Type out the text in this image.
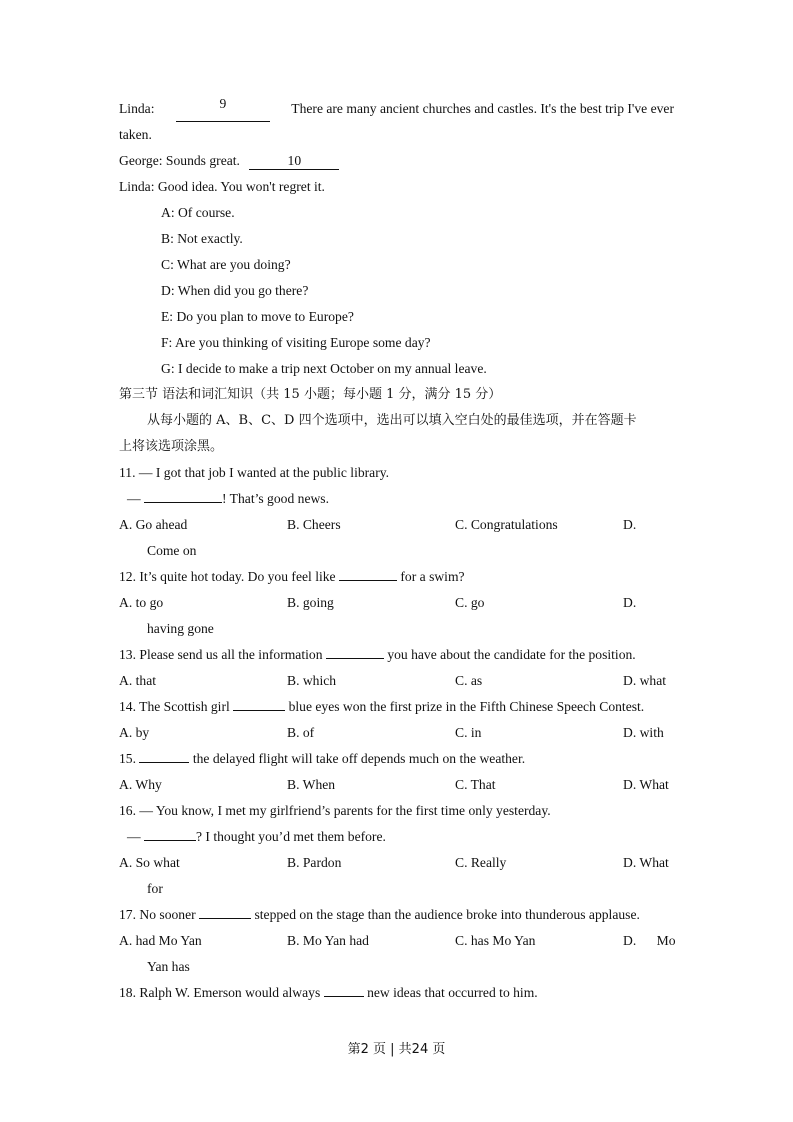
Linda:	9	There are many ancient churches and castles. It's the best trip I've ever
taken.
George: Sounds great.	10
Linda: Good idea. You won't regret it.
A: Of course.
B: Not exactly.
C: What are you doing?
D: When did you go there?
E: Do you plan to move to Europe?
F: Are you thinking of visiting Europe some day?
G: I decide to make a trip next October on my annual leave.
第三节 语法和词汇知识（共 15 小题；每小题 1 分，满分 15 分）
从每小题的 A、B、C、D 四个选项中，选出可以填入空白处的最佳选项，并在答题卡
上将该选项涂黑。
11. — I got that job I wanted at the public library.
—	! That’s good news.
A. Go ahead	B. Cheers	C. Congratulations	D.
Come on
12. It’s quite hot today. Do you feel like	for a swim?
A. to go	B. going	C. go	D.
having gone
13. Please send us all the information	you have about the candidate for the position.
A. that	B. which	C. as	D. what
14. The Scottish girl	blue eyes won the first prize in the Fifth Chinese Speech Contest.
A. by	B. of	C. in	D. with
15.	the delayed flight will take off depends much on the weather.
A. Why	B. When	C. That	D. What
16. — You know, I met my girlfriend’s parents for the first time only yesterday.
—	? I thought you’d met them before.
A. So what	B. Pardon	C. Really	D. What
for
17. No sooner	stepped on the stage than the audience broke into thunderous applause.
A. had Mo Yan	B. Mo Yan had	C. has Mo Yan	D.      Mo
Yan has
18. Ralph W. Emerson would always	new ideas that occurred to him.
第2 页 | 共24 页
